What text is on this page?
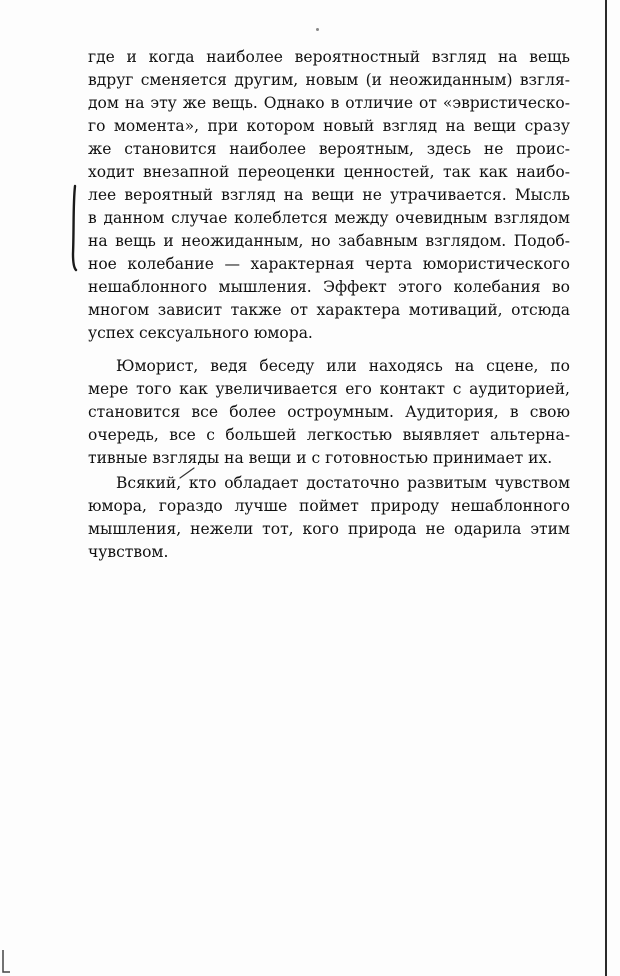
где и когда наиболее вероятностный взгляд на вещь
вдруг сменяется другим, новым (и неожиданным) взгля-
дом на эту же вещь. Однако в отличие от «эвристическо-
го момента», при котором новый взгляд на вещи сразу
же становится наиболее вероятным, здесь не проис-
ходит внезапной переоценки ценностей, так как наибо-
лее вероятный взгляд на вещи не утрачивается. Мысль
в данном случае колеблется между очевидным взглядом
на вещь и неожиданным, но забавным взглядом. Подоб-
ное колебание — характерная черта юмористического
нешаблонного мышления. Эффект этого колебания во
многом зависит также от характера мотиваций, отсюда
успех сексуального юмора.
Юморист, ведя беседу или находясь на сцене, по
мере того как увеличивается его контакт с аудиторией,
становится все более остроумным. Аудитория, в свою
очередь, все с большей легкостью выявляет альтерна-
тивные взгляды на вещи и с готовностью принимает их.
Всякий, кто обладает достаточно развитым чувством
юмора, гораздо лучше поймет природу нешаблонного
мышления, нежели тот, кого природа не одарила этим
чувством.
